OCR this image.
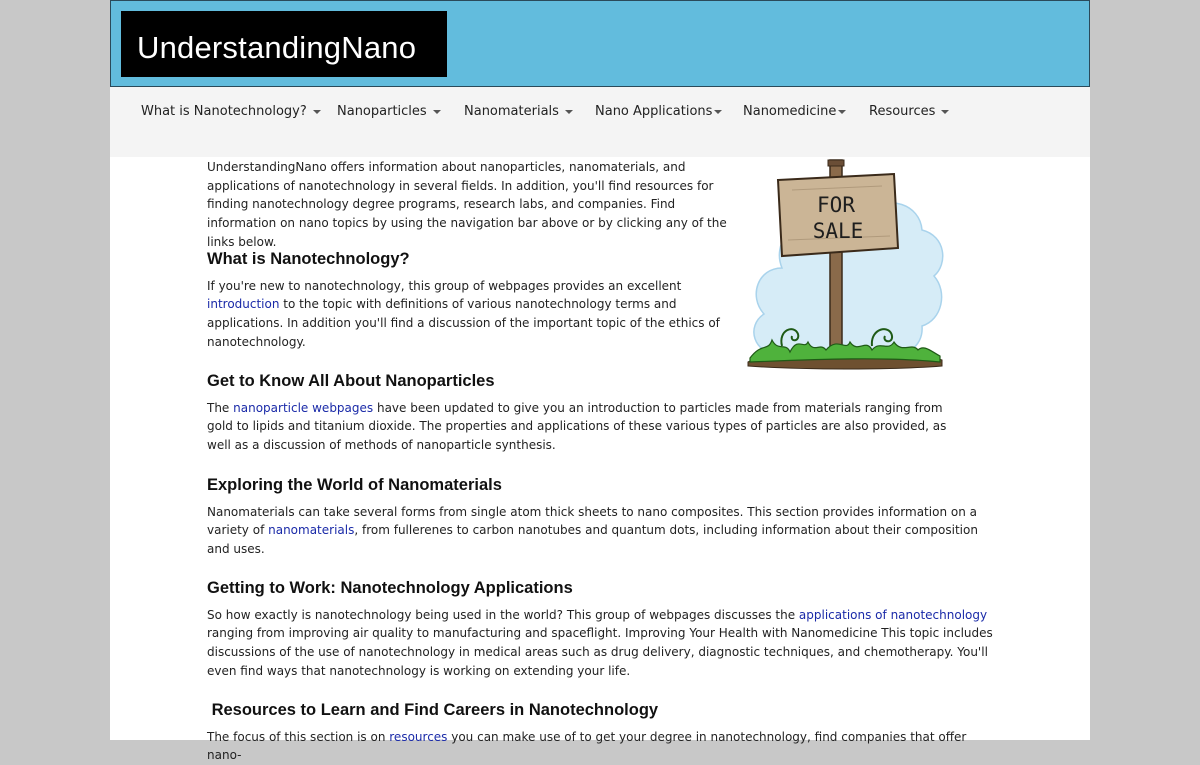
UnderstandingNano
What is Nanotechnology?	Nanoparticles	Nanomaterials	Nano Applications	Nanomedicine	Resources
FOR
SALE

UnderstandingNano offers information about nanoparticles, nanomaterials, and applications of nanotechnology in several fields. In addition, you'll find resources for finding nanotechnology degree programs, research labs, and companies. Find information on nano topics by using the navigation bar above or by clicking any of the links below.

What is Nanotechnology?

If you're new to nanotechnology, this group of webpages provides an excellent introduction to the topic with definitions of various nanotechnology terms and applications. In addition you'll find a discussion of the important topic of the ethics of nanotechnology.

Get to Know All About Nanoparticles

The nanoparticle webpages have been updated to give you an introduction to particles made from materials ranging from gold to lipids and titanium dioxide. The properties and applications of these various types of particles are also provided, as well as a discussion of methods of nanoparticle synthesis.

Exploring the World of Nanomaterials

Nanomaterials can take several forms from single atom thick sheets to nano composites. This section provides information on a variety of nanomaterials, from fullerenes to carbon nanotubes and quantum dots, including information about their composition and uses.

Getting to Work: Nanotechnology Applications

So how exactly is nanotechnology being used in the world? This group of webpages discusses the applications of nanotechnology ranging from improving air quality to manufacturing and spaceflight. Improving Your Health with Nanomedicine This topic includes discussions of the use of nanotechnology in medical areas such as drug delivery, diagnostic techniques, and chemotherapy. You'll even find ways that nanotechnology is working on extending your life.

Resources to Learn and Find Careers in Nanotechnology

The focus of this section is on resources you can make use of to get your degree in nanotechnology, find companies that offer nano-
